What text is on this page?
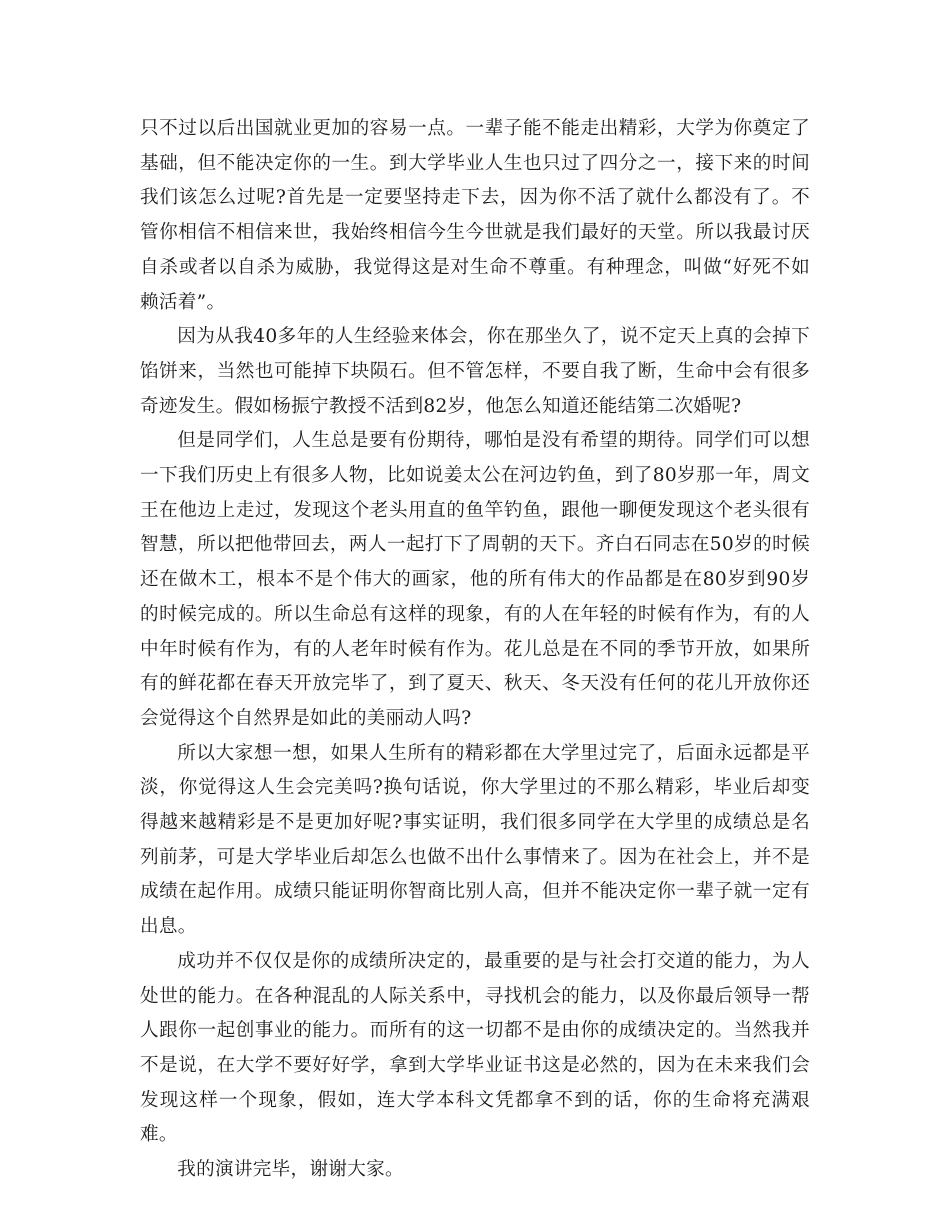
只不过以后出国就业更加的容易一点。一辈子能不能走出精彩，大学为你奠定了基础，但不能决定你的一生。到大学毕业人生也只过了四分之一，接下来的时间我们该怎么过呢?首先是一定要坚持走下去，因为你不活了就什么都没有了。不管你相信不相信来世，我始终相信今生今世就是我们最好的天堂。所以我最讨厌自杀或者以自杀为威胁，我觉得这是对生命不尊重。有种理念，叫做“好死不如赖活着”。

因为从我40多年的人生经验来体会，你在那坐久了，说不定天上真的会掉下馅饼来，当然也可能掉下块陨石。但不管怎样，不要自我了断，生命中会有很多奇迹发生。假如杨振宁教授不活到82岁，他怎么知道还能结第二次婚呢?

但是同学们，人生总是要有份期待，哪怕是没有希望的期待。同学们可以想一下我们历史上有很多人物，比如说姜太公在河边钓鱼，到了80岁那一年，周文王在他边上走过，发现这个老头用直的鱼竿钓鱼，跟他一聊便发现这个老头很有智慧，所以把他带回去，两人一起打下了周朝的天下。齐白石同志在50岁的时候还在做木工，根本不是个伟大的画家，他的所有伟大的作品都是在80岁到90岁的时候完成的。所以生命总有这样的现象，有的人在年轻的时候有作为，有的人中年时候有作为，有的人老年时候有作为。花儿总是在不同的季节开放，如果所有的鲜花都在春天开放完毕了，到了夏天、秋天、冬天没有任何的花儿开放你还会觉得这个自然界是如此的美丽动人吗?

所以大家想一想，如果人生所有的精彩都在大学里过完了，后面永远都是平淡，你觉得这人生会完美吗?换句话说，你大学里过的不那么精彩，毕业后却变得越来越精彩是不是更加好呢?事实证明，我们很多同学在大学里的成绩总是名列前茅，可是大学毕业后却怎么也做不出什么事情来了。因为在社会上，并不是成绩在起作用。成绩只能证明你智商比别人高，但并不能决定你一辈子就一定有出息。

成功并不仅仅是你的成绩所决定的，最重要的是与社会打交道的能力，为人处世的能力。在各种混乱的人际关系中，寻找机会的能力，以及你最后领导一帮人跟你一起创事业的能力。而所有的这一切都不是由你的成绩决定的。当然我并不是说，在大学不要好好学，拿到大学毕业证书这是必然的，因为在未来我们会发现这样一个现象，假如，连大学本科文凭都拿不到的话，你的生命将充满艰难。

我的演讲完毕，谢谢大家。
